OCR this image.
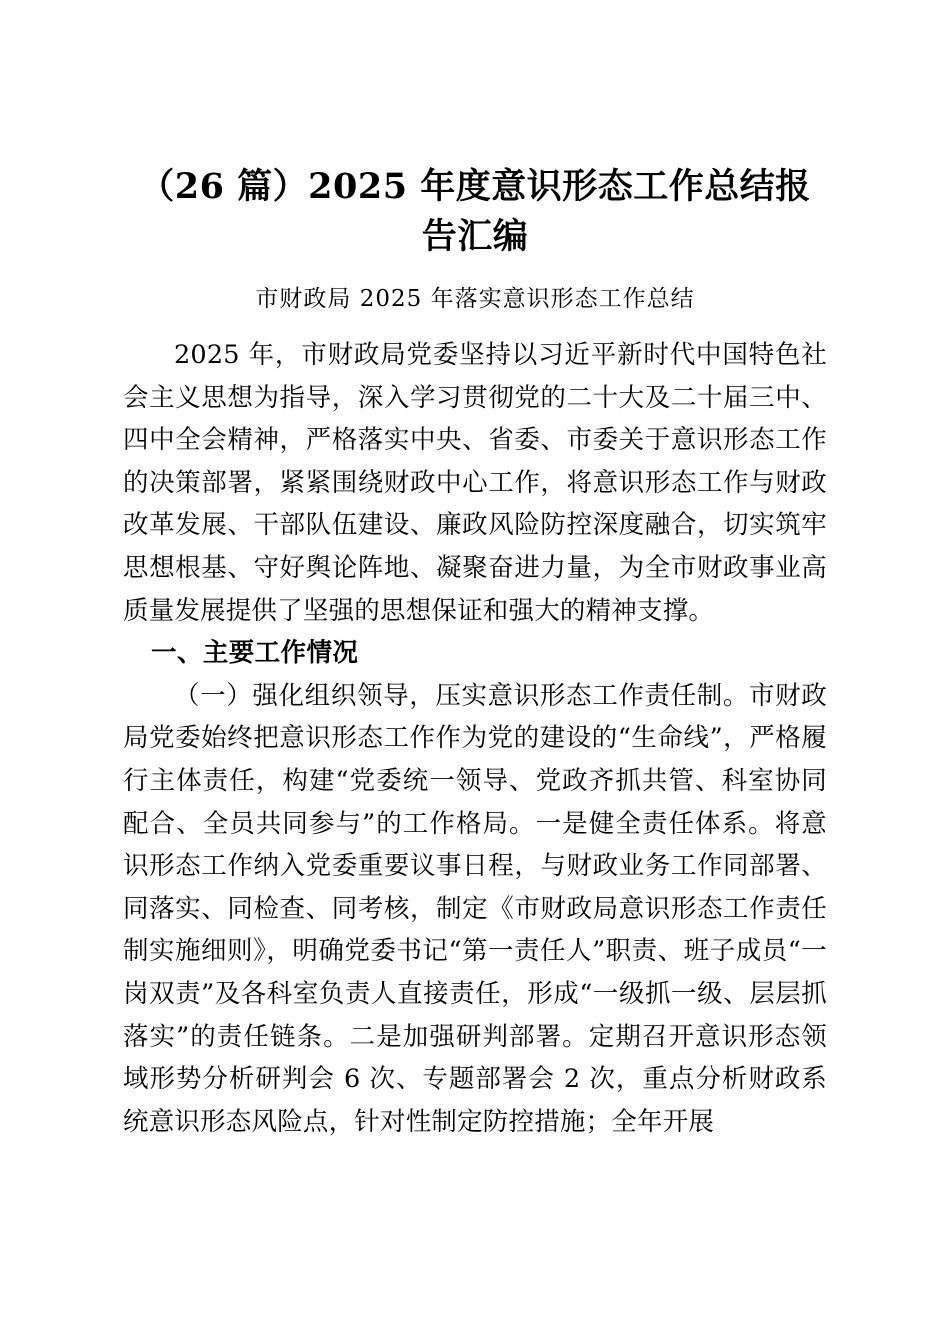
（26 篇）2025 年度意识形态工作总结报告汇编
市财政局 2025 年落实意识形态工作总结

2025 年，市财政局党委坚持以习近平新时代中国特色社会主义思想为指导，深入学习贯彻党的二十大及二十届三中、四中全会精神，严格落实中央、省委、市委关于意识形态工作的决策部署，紧紧围绕财政中心工作，将意识形态工作与财政改革发展、干部队伍建设、廉政风险防控深度融合，切实筑牢思想根基、守好舆论阵地、凝聚奋进力量，为全市财政事业高质量发展提供了坚强的思想保证和强大的精神支撑。

一、主要工作情况

（一）强化组织领导，压实意识形态工作责任制。市财政局党委始终把意识形态工作作为党的建设的“生命线”，严格履行主体责任，构建“党委统一领导、党政齐抓共管、科室协同配合、全员共同参与”的工作格局。一是健全责任体系。将意识形态工作纳入党委重要议事日程，与财政业务工作同部署、同落实、同检查、同考核，制定《市财政局意识形态工作责任制实施细则》，明确党委书记“第一责任人”职责、班子成员“一岗双责”及各科室负责人直接责任，形成“一级抓一级、层层抓落实”的责任链条。二是加强研判部署。定期召开意识形态领域形势分析研判会 6 次、专题部署会 2 次，重点分析财政系统意识形态风险点，针对性制定防控措施；全年开展
